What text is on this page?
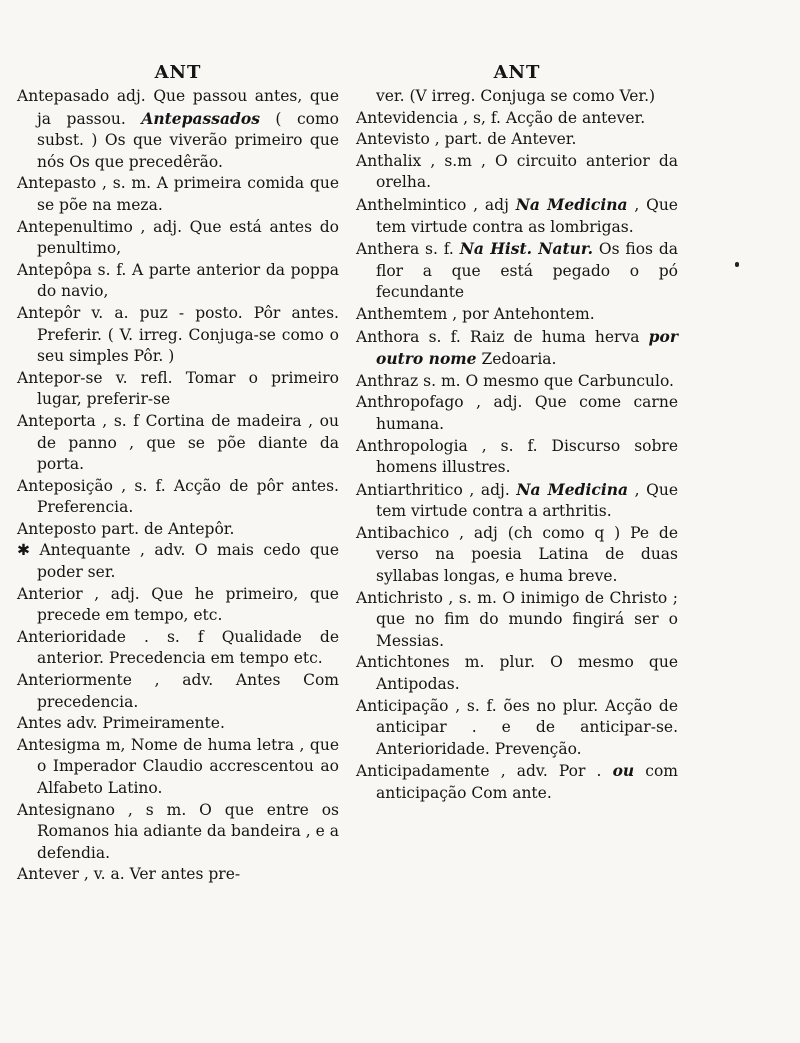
ANT

Antepasado adj. Que passou antes, que ja passou. Antepassados ( como subst. ) Os que viverão primeiro que nós Os que precedêrão.

Antepasto , s. m. A primeira comida que se põe na meza.

Antepenultimo , adj. Que está antes do penultimo,

Antepôpa s. f. A parte anterior da poppa do navio,

Antepôr v. a. puz - posto. Pôr antes. Preferir. ( V. irreg. Conjuga-se como o seu simples Pôr. )

Antepor-se v. refl. Tomar o primeiro lugar, preferir-se

Anteporta , s. f Cortina de madeira , ou de panno , que se põe diante da porta.

Anteposição , s. f. Acção de pôr antes. Preferencia.

Anteposto part. de Antepôr.

✱ Antequante , adv. O mais cedo que poder ser.

Anterior , adj. Que he primeiro, que precede em tempo, etc.

Anterioridade . s. f Qualidade de anterior. Precedencia em tempo etc.

Anteriormente , adv. Antes Com precedencia.

Antes adv. Primeiramente.

Antesigma m, Nome de huma letra , que o Imperador Claudio accrescentou ao Alfabeto Latino.

Antesignano , s m. O que entre os Romanos hia adiante da bandeira , e a defendia.

Antever , v. a. Ver antes pre-

ANT

ver. (V irreg. Conjuga se como Ver.)

Antevidencia , s, f. Acção de antever.

Antevisto , part. de Antever.

Anthalix , s.m , O circuito anterior da orelha.

Anthelmintico , adj Na Medicina , Que tem virtude contra as lombrigas.

Anthera s. f. Na Hist. Natur. Os fios da flor a que está pegado o pó fecundante

Anthemtem , por Antehontem.

Anthora s. f. Raiz de huma herva por outro nome Zedoaria.

Anthraz s. m. O mesmo que Carbunculo.

Anthropofago , adj. Que come carne humana.

Anthropologia , s. f. Discurso sobre homens illustres.

Antiarthritico , adj. Na Medicina , Que tem virtude contra a arthritis.

Antibachico , adj (ch como q ) Pe de verso na poesia Latina de duas syllabas longas, e huma breve.

Antichristo , s. m. O inimigo de Christo ; que no fim do mundo fingirá ser o Messias.

Antichtones m. plur. O mesmo que Antipodas.

Anticipação , s. f. ões no plur. Acção de anticipar . e de anticipar-se. Anterioridade. Prevenção.

Anticipadamente , adv. Por . ou com anticipação Com ante.
